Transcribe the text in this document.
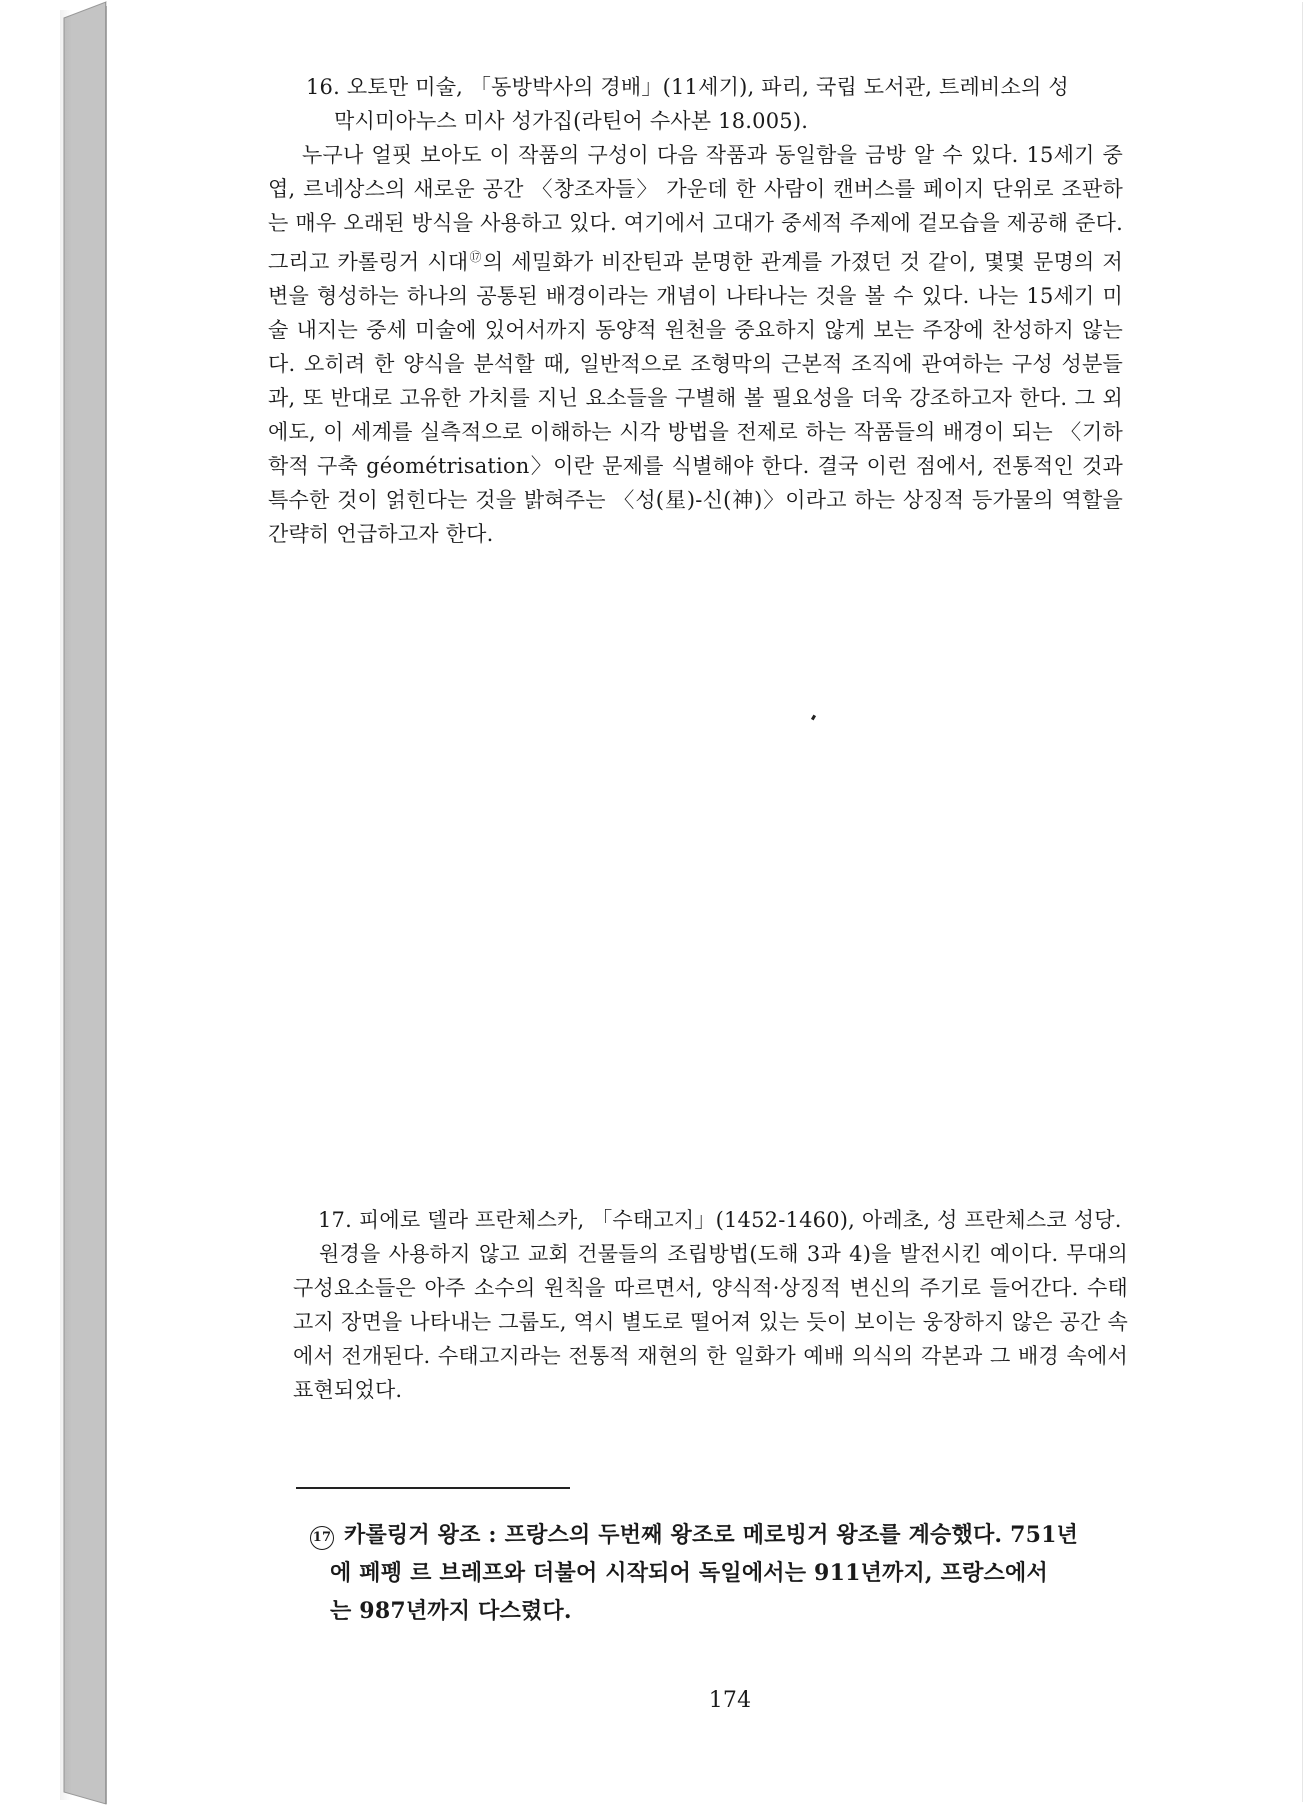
16. 오토만 미술, 「동방박사의 경배」(11세기), 파리, 국립 도서관, 트레비소의 성
막시미아누스 미사 성가집(라틴어 수사본 18.005).
누구나 얼핏 보아도 이 작품의 구성이 다음 작품과 동일함을 금방 알 수 있다. 15세기 중엽, 르네상스의 새로운 공간 〈창조자들〉 가운데 한 사람이 캔버스를 페이지 단위로 조판하는 매우 오래된 방식을 사용하고 있다. 여기에서 고대가 중세적 주제에 겉모습을 제공해 준다. 그리고 카롤링거 시대⑰의 세밀화가 비잔틴과 분명한 관계를 가졌던 것 같이, 몇몇 문명의 저변을 형성하는 하나의 공통된 배경이라는 개념이 나타나는 것을 볼 수 있다. 나는 15세기 미술 내지는 중세 미술에 있어서까지 동양적 원천을 중요하지 않게 보는 주장에 찬성하지 않는다. 오히려 한 양식을 분석할 때, 일반적으로 조형막의 근본적 조직에 관여하는 구성 성분들과, 또 반대로 고유한 가치를 지닌 요소들을 구별해 볼 필요성을 더욱 강조하고자 한다. 그 외에도, 이 세계를 실측적으로 이해하는 시각 방법을 전제로 하는 작품들의 배경이 되는 〈기하학적 구축 géométrisation〉이란 문제를 식별해야 한다. 결국 이런 점에서, 전통적인 것과 특수한 것이 얽힌다는 것을 밝혀주는 〈성(星)-신(神)〉이라고 하는 상징적 등가물의 역할을 간략히 언급하고자 한다.
17. 피에로 델라 프란체스카, 「수태고지」(1452-1460), 아레초, 성 프란체스코 성당.
원경을 사용하지 않고 교회 건물들의 조립방법(도해 3과 4)을 발전시킨 예이다. 무대의 구성요소들은 아주 소수의 원칙을 따르면서, 양식적·상징적 변신의 주기로 들어간다. 수태고지 장면을 나타내는 그룹도, 역시 별도로 떨어져 있는 듯이 보이는 웅장하지 않은 공간 속에서 전개된다. 수태고지라는 전통적 재현의 한 일화가 예배 의식의 각본과 그 배경 속에서 표현되었다.
17 카롤링거 왕조 : 프랑스의 두번째 왕조로 메로빙거 왕조를 계승했다. 751년
에 페펭 르 브레프와 더불어 시작되어 독일에서는 911년까지, 프랑스에서
는 987년까지 다스렸다.
174
